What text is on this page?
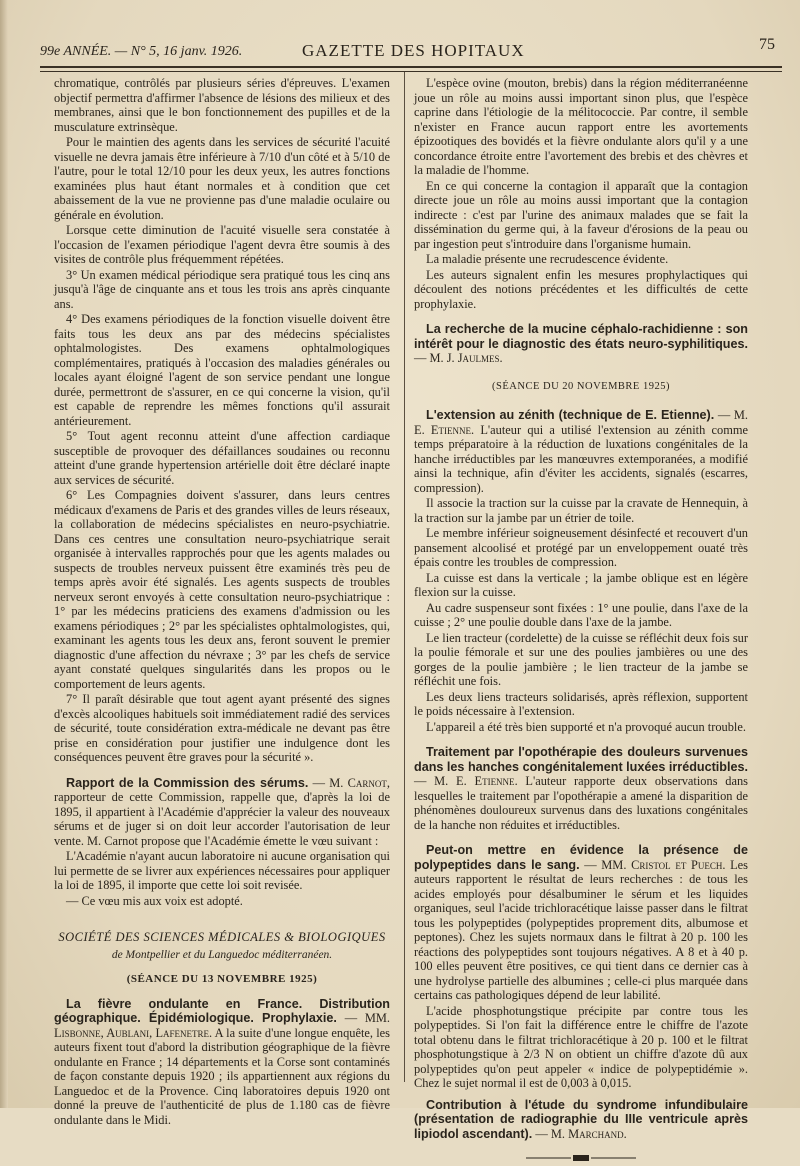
99e ANNÉE. — N° 5, 16 janv. 1926.	GAZETTE DES HOPITAUX	75

chromatique, contrôlés par plusieurs séries d'épreuves. L'examen objectif permettra d'affirmer l'absence de lésions des milieux et des membranes, ainsi que le bon fonctionnement des pupilles et de la musculature extrinsèque.

Pour le maintien des agents dans les services de sécurité l'acuité visuelle ne devra jamais être inférieure à 7/10 d'un côté et à 5/10 de l'autre, pour le total 12/10 pour les deux yeux, les autres fonctions examinées plus haut étant normales et à condition que cet abaissement de la vue ne provienne pas d'une maladie oculaire ou générale en évolution.

Lorsque cette diminution de l'acuité visuelle sera constatée à l'occasion de l'examen périodique l'agent devra être soumis à des visites de contrôle plus fréquemment répétées.

3° Un examen médical périodique sera pratiqué tous les cinq ans jusqu'à l'âge de cinquante ans et tous les trois ans après cinquante ans.

4° Des examens périodiques de la fonction visuelle doivent être faits tous les deux ans par des médecins spécialistes ophtalmologistes. Des examens ophtalmologiques complémentaires, pratiqués à l'occasion des maladies générales ou locales ayant éloigné l'agent de son service pendant une longue durée, permettront de s'assurer, en ce qui concerne la vision, qu'il est capable de reprendre les mêmes fonctions qu'il assurait antérieurement.

5° Tout agent reconnu atteint d'une affection cardiaque susceptible de provoquer des défaillances soudaines ou reconnu atteint d'une grande hypertension artérielle doit être déclaré inapte aux services de sécurité.

6° Les Compagnies doivent s'assurer, dans leurs centres médicaux d'examens de Paris et des grandes villes de leurs réseaux, la collaboration de médecins spécialistes en neuro-psychiatrie. Dans ces centres une consultation neuro-psychiatrique serait organisée à intervalles rapprochés pour que les agents malades ou suspects de troubles nerveux puissent être examinés très peu de temps après avoir été signalés. Les agents suspects de troubles nerveux seront envoyés à cette consultation neuro-psychiatrique : 1° par les médecins praticiens des examens d'admission ou les examens périodiques ; 2° par les spécialistes ophtalmologistes, qui, examinant les agents tous les deux ans, feront souvent le premier diagnostic d'une affection du névraxe ; 3° par les chefs de service ayant constaté quelques singularités dans les propos ou le comportement de leurs agents.

7° Il paraît désirable que tout agent ayant présenté des signes d'excès alcooliques habituels soit immédiatement radié des services de sécurité, toute considération extra-médicale ne devant pas être prise en considération pour justifier une indulgence dont les conséquences peuvent être graves pour la sécurité ».

Rapport de la Commission des sérums. — M. Carnot, rapporteur de cette Commission, rappelle que, d'après la loi de 1895, il appartient à l'Académie d'apprécier la valeur des nouveaux sérums et de juger si on doit leur accorder l'autorisation de leur vente. M. Carnot propose que l'Académie émette le vœu suivant :

L'Académie n'ayant aucun laboratoire ni aucune organisation qui lui permette de se livrer aux expériences nécessaires pour appliquer la loi de 1895, il importe que cette loi soit revisée.

— Ce vœu mis aux voix est adopté.

SOCIÉTÉ DES SCIENCES MÉDICALES & BIOLOGIQUES
de Montpellier et du Languedoc méditerranéen.
(SÉANCE DU 13 NOVEMBRE 1925)

La fièvre ondulante en France. Distribution géographique. Épidémiologique. Prophylaxie. — MM. Lisbonne, Aublani, Lafenetre. A la suite d'une longue enquête, les auteurs fixent tout d'abord la distribution géographique de la fièvre ondulante en France ; 14 départements et la Corse sont contaminés de façon constante depuis 1920 ; ils appartiennent aux régions du Languedoc et de la Provence. Cinq laboratoires depuis 1920 ont donné la preuve de l'authenticité de plus de 1.180 cas de fièvre ondulante dans le Midi.

L'espèce ovine (mouton, brebis) dans la région méditerranéenne joue un rôle au moins aussi important sinon plus, que l'espèce caprine dans l'étiologie de la mélitococcie. Par contre, il semble n'exister en France aucun rapport entre les avortements épizootiques des bovidés et la fièvre ondulante alors qu'il y a une concordance étroite entre l'avortement des brebis et des chèvres et la maladie de l'homme.

En ce qui concerne la contagion il apparaît que la contagion directe joue un rôle au moins aussi important que la contagion indirecte : c'est par l'urine des animaux malades que se fait la dissémination du germe qui, à la faveur d'érosions de la peau ou par ingestion peut s'introduire dans l'organisme humain.

La maladie présente une recrudescence évidente.

Les auteurs signalent enfin les mesures prophylactiques qui découlent des notions précédentes et les difficultés de cette prophylaxie.

La recherche de la mucine céphalo-rachidienne : son intérêt pour le diagnostic des états neuro-syphilitiques. — M. J. Jaulmes.

(SÉANCE DU 20 NOVEMBRE 1925)

L'extension au zénith (technique de E. Etienne). — M. E. Etienne. L'auteur qui a utilisé l'extension au zénith comme temps préparatoire à la réduction de luxations congénitales de la hanche irréductibles par les manœuvres extemporanées, a modifié ainsi la technique, afin d'éviter les accidents, signalés (escarres, compression).

Il associe la traction sur la cuisse par la cravate de Hennequin, à la traction sur la jambe par un étrier de toile.

Le membre inférieur soigneusement désinfecté et recouvert d'un pansement alcoolisé et protégé par un enveloppement ouaté très épais contre les troubles de compression.

La cuisse est dans la verticale ; la jambe oblique est en légère flexion sur la cuisse.

Au cadre suspenseur sont fixées : 1° une poulie, dans l'axe de la cuisse ; 2° une poulie double dans l'axe de la jambe.

Le lien tracteur (cordelette) de la cuisse se réfléchit deux fois sur la poulie fémorale et sur une des poulies jambières ou une des gorges de la poulie jambière ; le lien tracteur de la jambe se réfléchit une fois.

Les deux liens tracteurs solidarisés, après réflexion, supportent le poids nécessaire à l'extension.

L'appareil a été très bien supporté et n'a provoqué aucun trouble.

Traitement par l'opothérapie des douleurs survenues dans les hanches congénitalement luxées irréductibles. — M. E. Etienne. L'auteur rapporte deux observations dans lesquelles le traitement par l'opothérapie a amené la disparition de phénomènes douloureux survenus dans des luxations congénitales de la hanche non réduites et irréductibles.

Peut-on mettre en évidence la présence de polypeptides dans le sang. — MM. Cristol et Puech. Les auteurs rapportent le résultat de leurs recherches : de tous les acides employés pour désalbuminer le sérum et les liquides organiques, seul l'acide trichloracétique laisse passer dans le filtrat tous les polypeptides (polypeptides proprement dits, albumose et peptones). Chez les sujets normaux dans le filtrat à 20 p. 100 les réactions des polypeptides sont toujours négatives. A 8 et à 40 p. 100 elles peuvent être positives, ce qui tient dans ce dernier cas à une hydrolyse partielle des albumines ; celle-ci plus marquée dans certains cas pathologiques dépend de leur labilité.

L'acide phosphotungstique précipite par contre tous les polypeptides. Si l'on fait la différence entre le chiffre de l'azote total obtenu dans le filtrat trichloracétique à 20 p. 100 et le filtrat phosphotungstique à 2/3 N on obtient un chiffre d'azote dû aux polypeptides qu'on peut appeler « indice de polypeptidémie ». Chez le sujet normal il est de 0,003 à 0,015.

Contribution à l'étude du syndrome infundibulaire (présentation de radiographie du IIIe ventricule après lipiodol ascendant). — M. Marchand.
